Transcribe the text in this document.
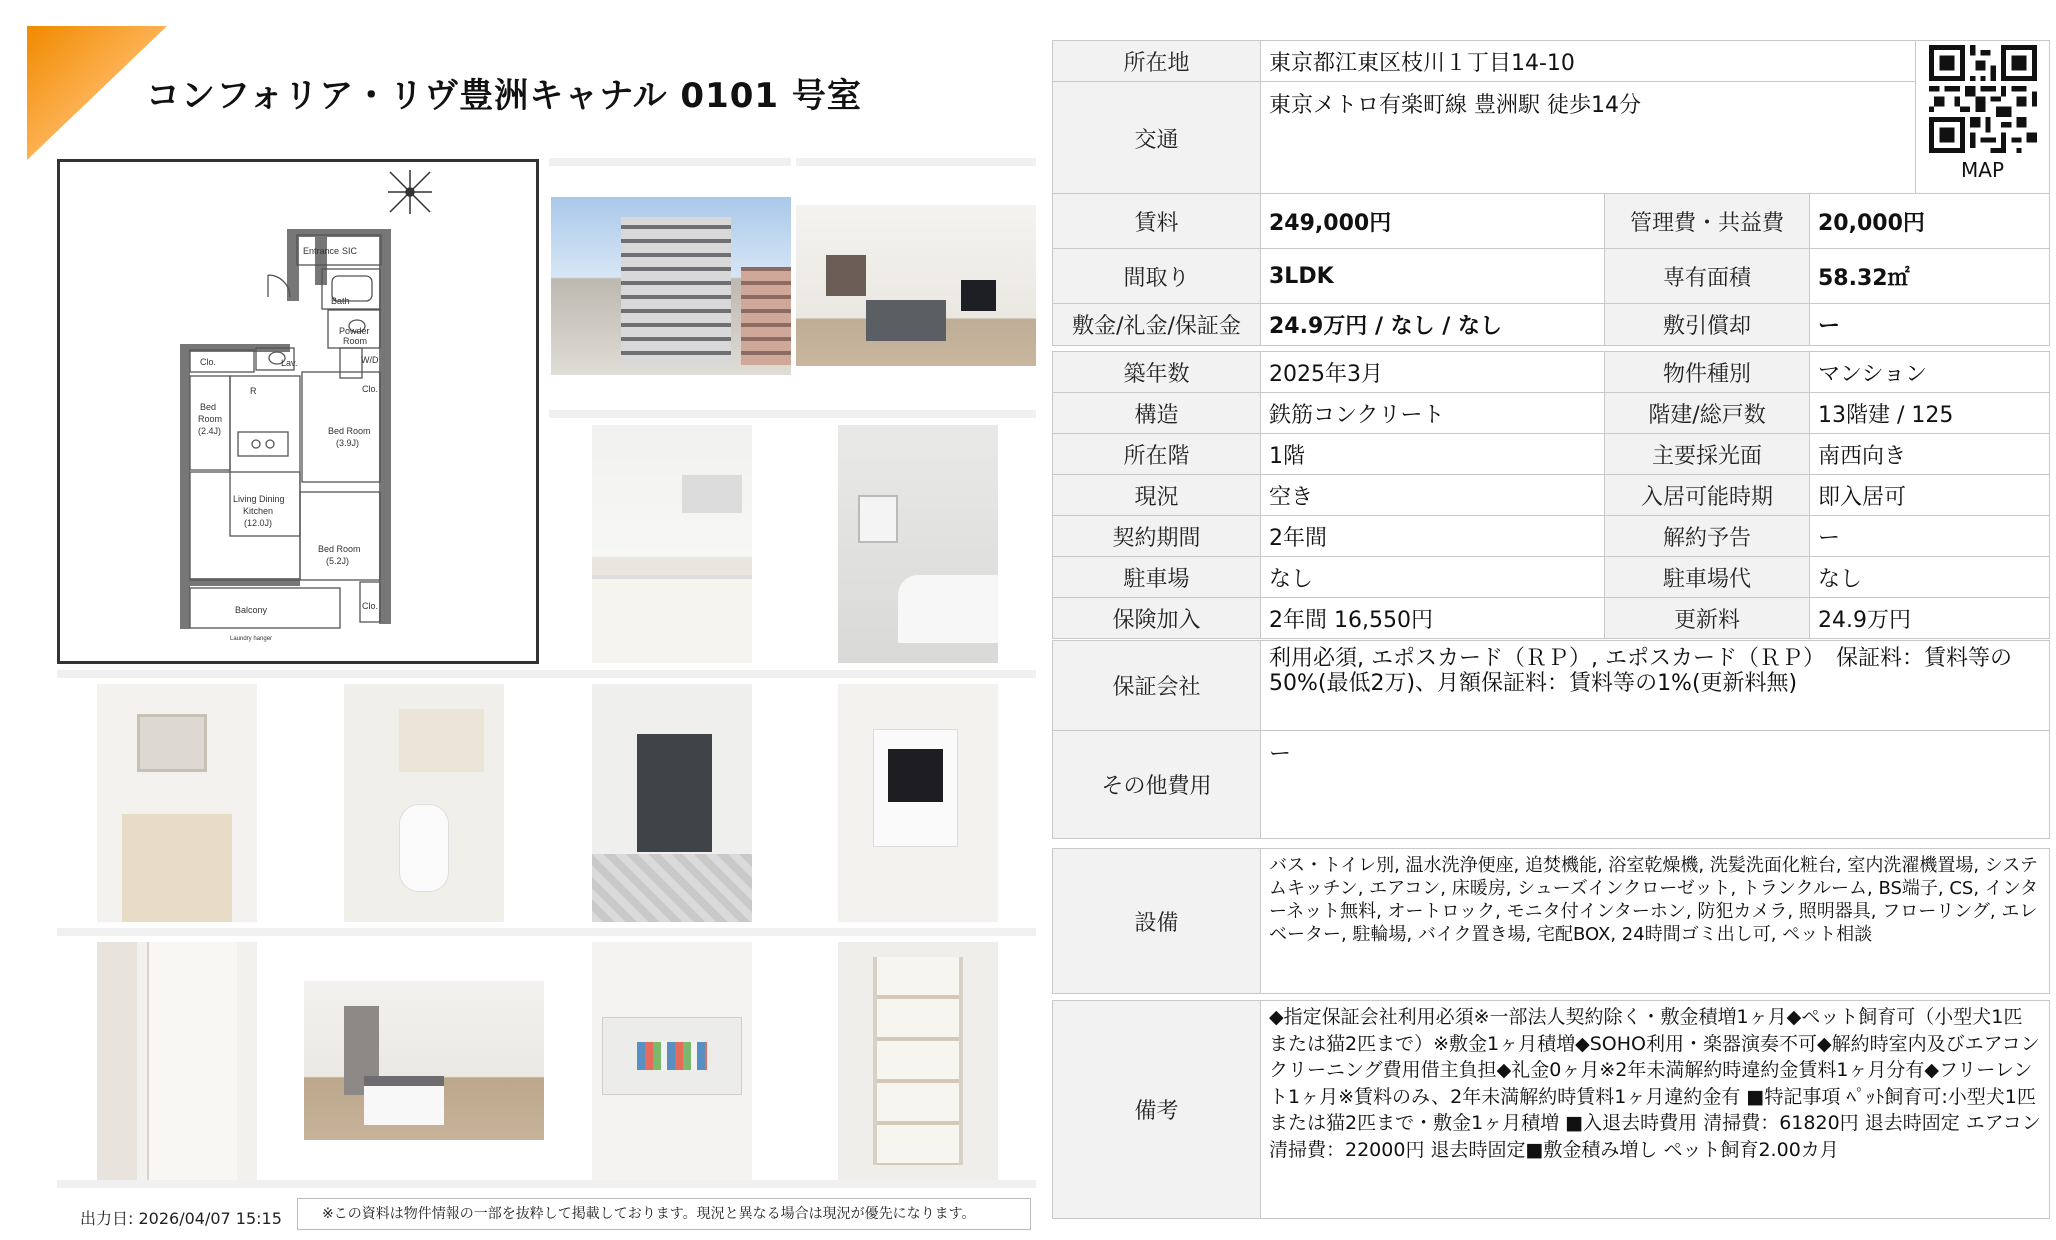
コンフォリア・リヴ豊洲キャナル 0101 号室
Entrance SIC
Bath
Powder
Room
W/D
Clo.	Lav.
Clo.
R
Bed
Room
(2.4J)	Bed Room
(3.9J)
Living Dining
Kitchen
(12.0J)
Bed Room
(5.2J)
Balcony
Laundry hanger
Clo.
出力日: 2026/04/07 15:15	※この資料は物件情報の一部を抜粋して掲載しております。現況と異なる場合は現況が優先になります。
所在地	東京都江東区枝川１丁目14-10	MAP

交通	東京メトロ有楽町線 豊洲駅 徒歩14分	
賃料	249,000円	管理費・共益費	20,000円
間取り	3LDK	専有面積	58.32㎡
敷金/礼金/保証金	24.9万円 / なし / なし	敷引償却	ー
築年数	2025年3月	物件種別	マンション
構造	鉄筋コンクリート	階建/総戸数	13階建 / 125
所在階	1階	主要採光面	南西向き
現況	空き	入居可能時期	即入居可
契約期間	2年間	解約予告	ー
駐車場	なし	駐車場代	なし
保険加入	2年間 16,550円	更新料	24.9万円
保証会社	利用必須, エポスカード（ＲＰ）, エポスカード（ＲＰ）　保証料：賃料等の50%(最低2万)、月額保証料：賃料等の1%(更新料無)
その他費用	ー
設備	バス・トイレ別, 温水洗浄便座, 追焚機能, 浴室乾燥機, 洗髪洗面化粧台, 室内洗濯機置場, システムキッチン, エアコン, 床暖房, シューズインクローゼット, トランクルーム, BS端子, CS, インターネット無料, オートロック, モニタ付インターホン, 防犯カメラ, 照明器具, フローリング, エレベーター, 駐輪場, バイク置き場, 宅配BOX, 24時間ゴミ出し可, ペット相談
備考	◆指定保証会社利用必須※一部法人契約除く・敷金積増1ヶ月◆ペット飼育可（小型犬1匹または猫2匹まで）※敷金1ヶ月積増◆SOHO利用・楽器演奏不可◆解約時室内及びエアコンクリーニング費用借主負担◆礼金0ヶ月※2年未満解約時違約金賃料1ヶ月分有◆フリーレント1ヶ月※賃料のみ、2年未満解約時賃料1ヶ月違約金有 ■特記事項 ﾍﾟｯﾄ飼育可:小型犬1匹または猫2匹まで・敷金1ヶ月積増 ■入退去時費用 清掃費：61820円 退去時固定 エアコン清掃費：22000円 退去時固定■敷金積み増し ペット飼育2.00カ月
